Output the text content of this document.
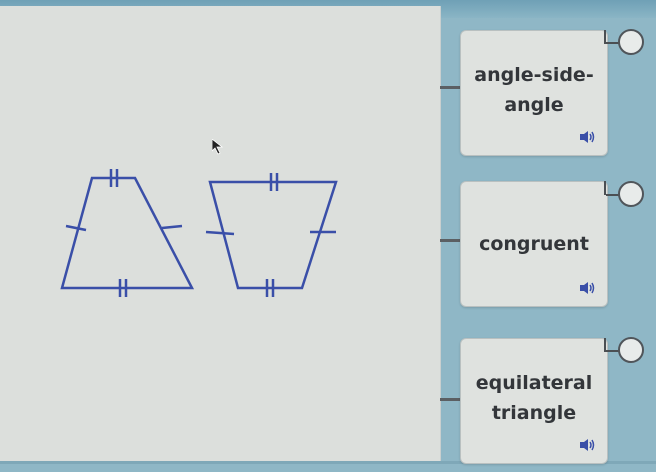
angle-side-
angle
congruent
equilateral
triangle
